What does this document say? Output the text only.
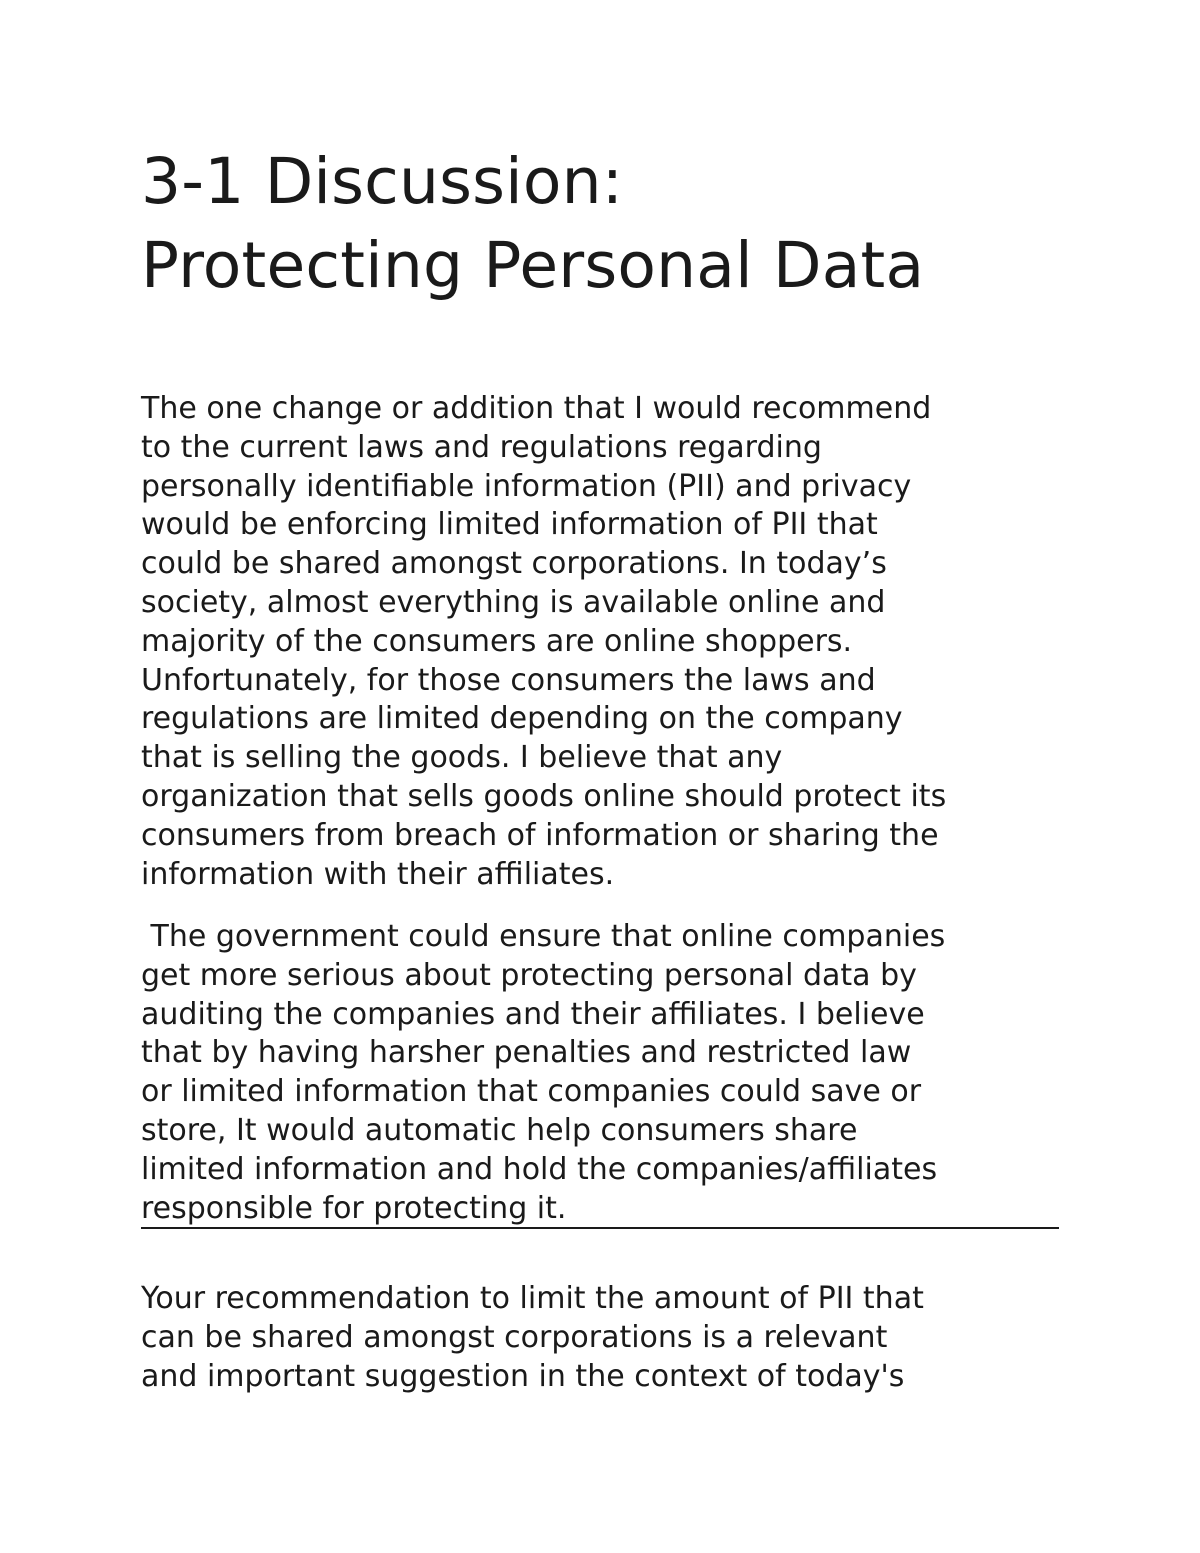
3-1 Discussion:
Protecting Personal Data
The one change or addition that I would recommend
to the current laws and regulations regarding
personally identifiable information (PII) and privacy
would be enforcing limited information of PII that
could be shared amongst corporations. In today’s
society, almost everything is available online and
majority of the consumers are online shoppers.
Unfortunately, for those consumers the laws and
regulations are limited depending on the company
that is selling the goods. I believe that any
organization that sells goods online should protect its
consumers from breach of information or sharing the
information with their affiliates.
The government could ensure that online companies
get more serious about protecting personal data by
auditing the companies and their affiliates. I believe
that by having harsher penalties and restricted law
or limited information that companies could save or
store, It would automatic help consumers share
limited information and hold the companies/affiliates
responsible for protecting it.
Your recommendation to limit the amount of PII that
can be shared amongst corporations is a relevant
and important suggestion in the context of today's
